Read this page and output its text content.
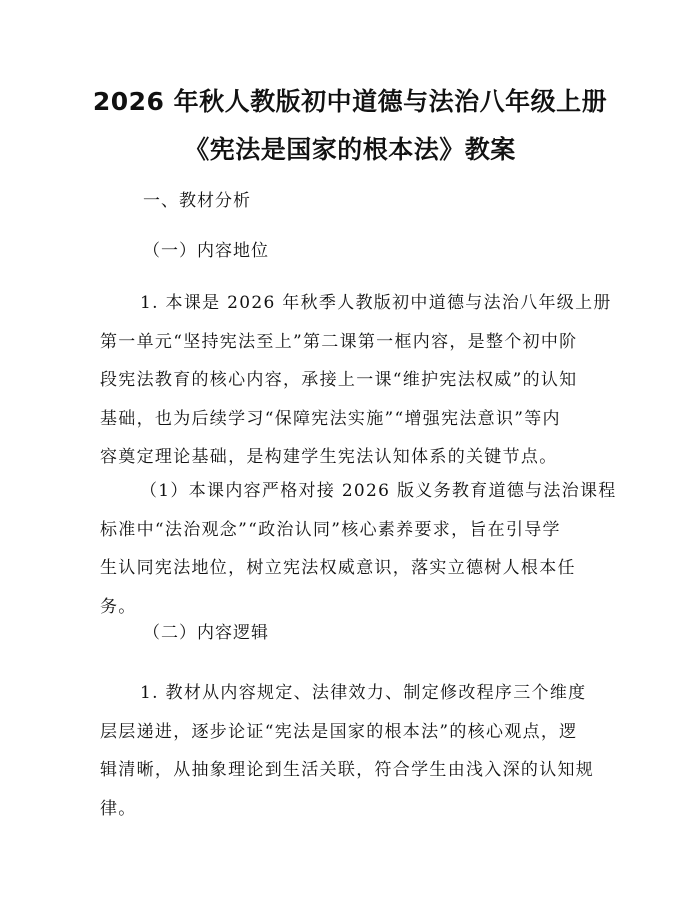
2026 年秋人教版初中道德与法治八年级上册
《宪法是国家的根本法》教案
一、教材分析
（一）内容地位
1. 本课是 2026 年秋季人教版初中道德与法治八年级上册
第一单元“坚持宪法至上”第二课第一框内容，是整个初中阶
段宪法教育的核心内容，承接上一课“维护宪法权威”的认知
基础，也为后续学习“保障宪法实施”“增强宪法意识”等内
容奠定理论基础，是构建学生宪法认知体系的关键节点。
（1）本课内容严格对接 2026 版义务教育道德与法治课程
标准中“法治观念”“政治认同”核心素养要求，旨在引导学
生认同宪法地位，树立宪法权威意识，落实立德树人根本任
务。
（二）内容逻辑
1. 教材从内容规定、法律效力、制定修改程序三个维度
层层递进，逐步论证“宪法是国家的根本法”的核心观点，逻
辑清晰，从抽象理论到生活关联，符合学生由浅入深的认知规
律。
